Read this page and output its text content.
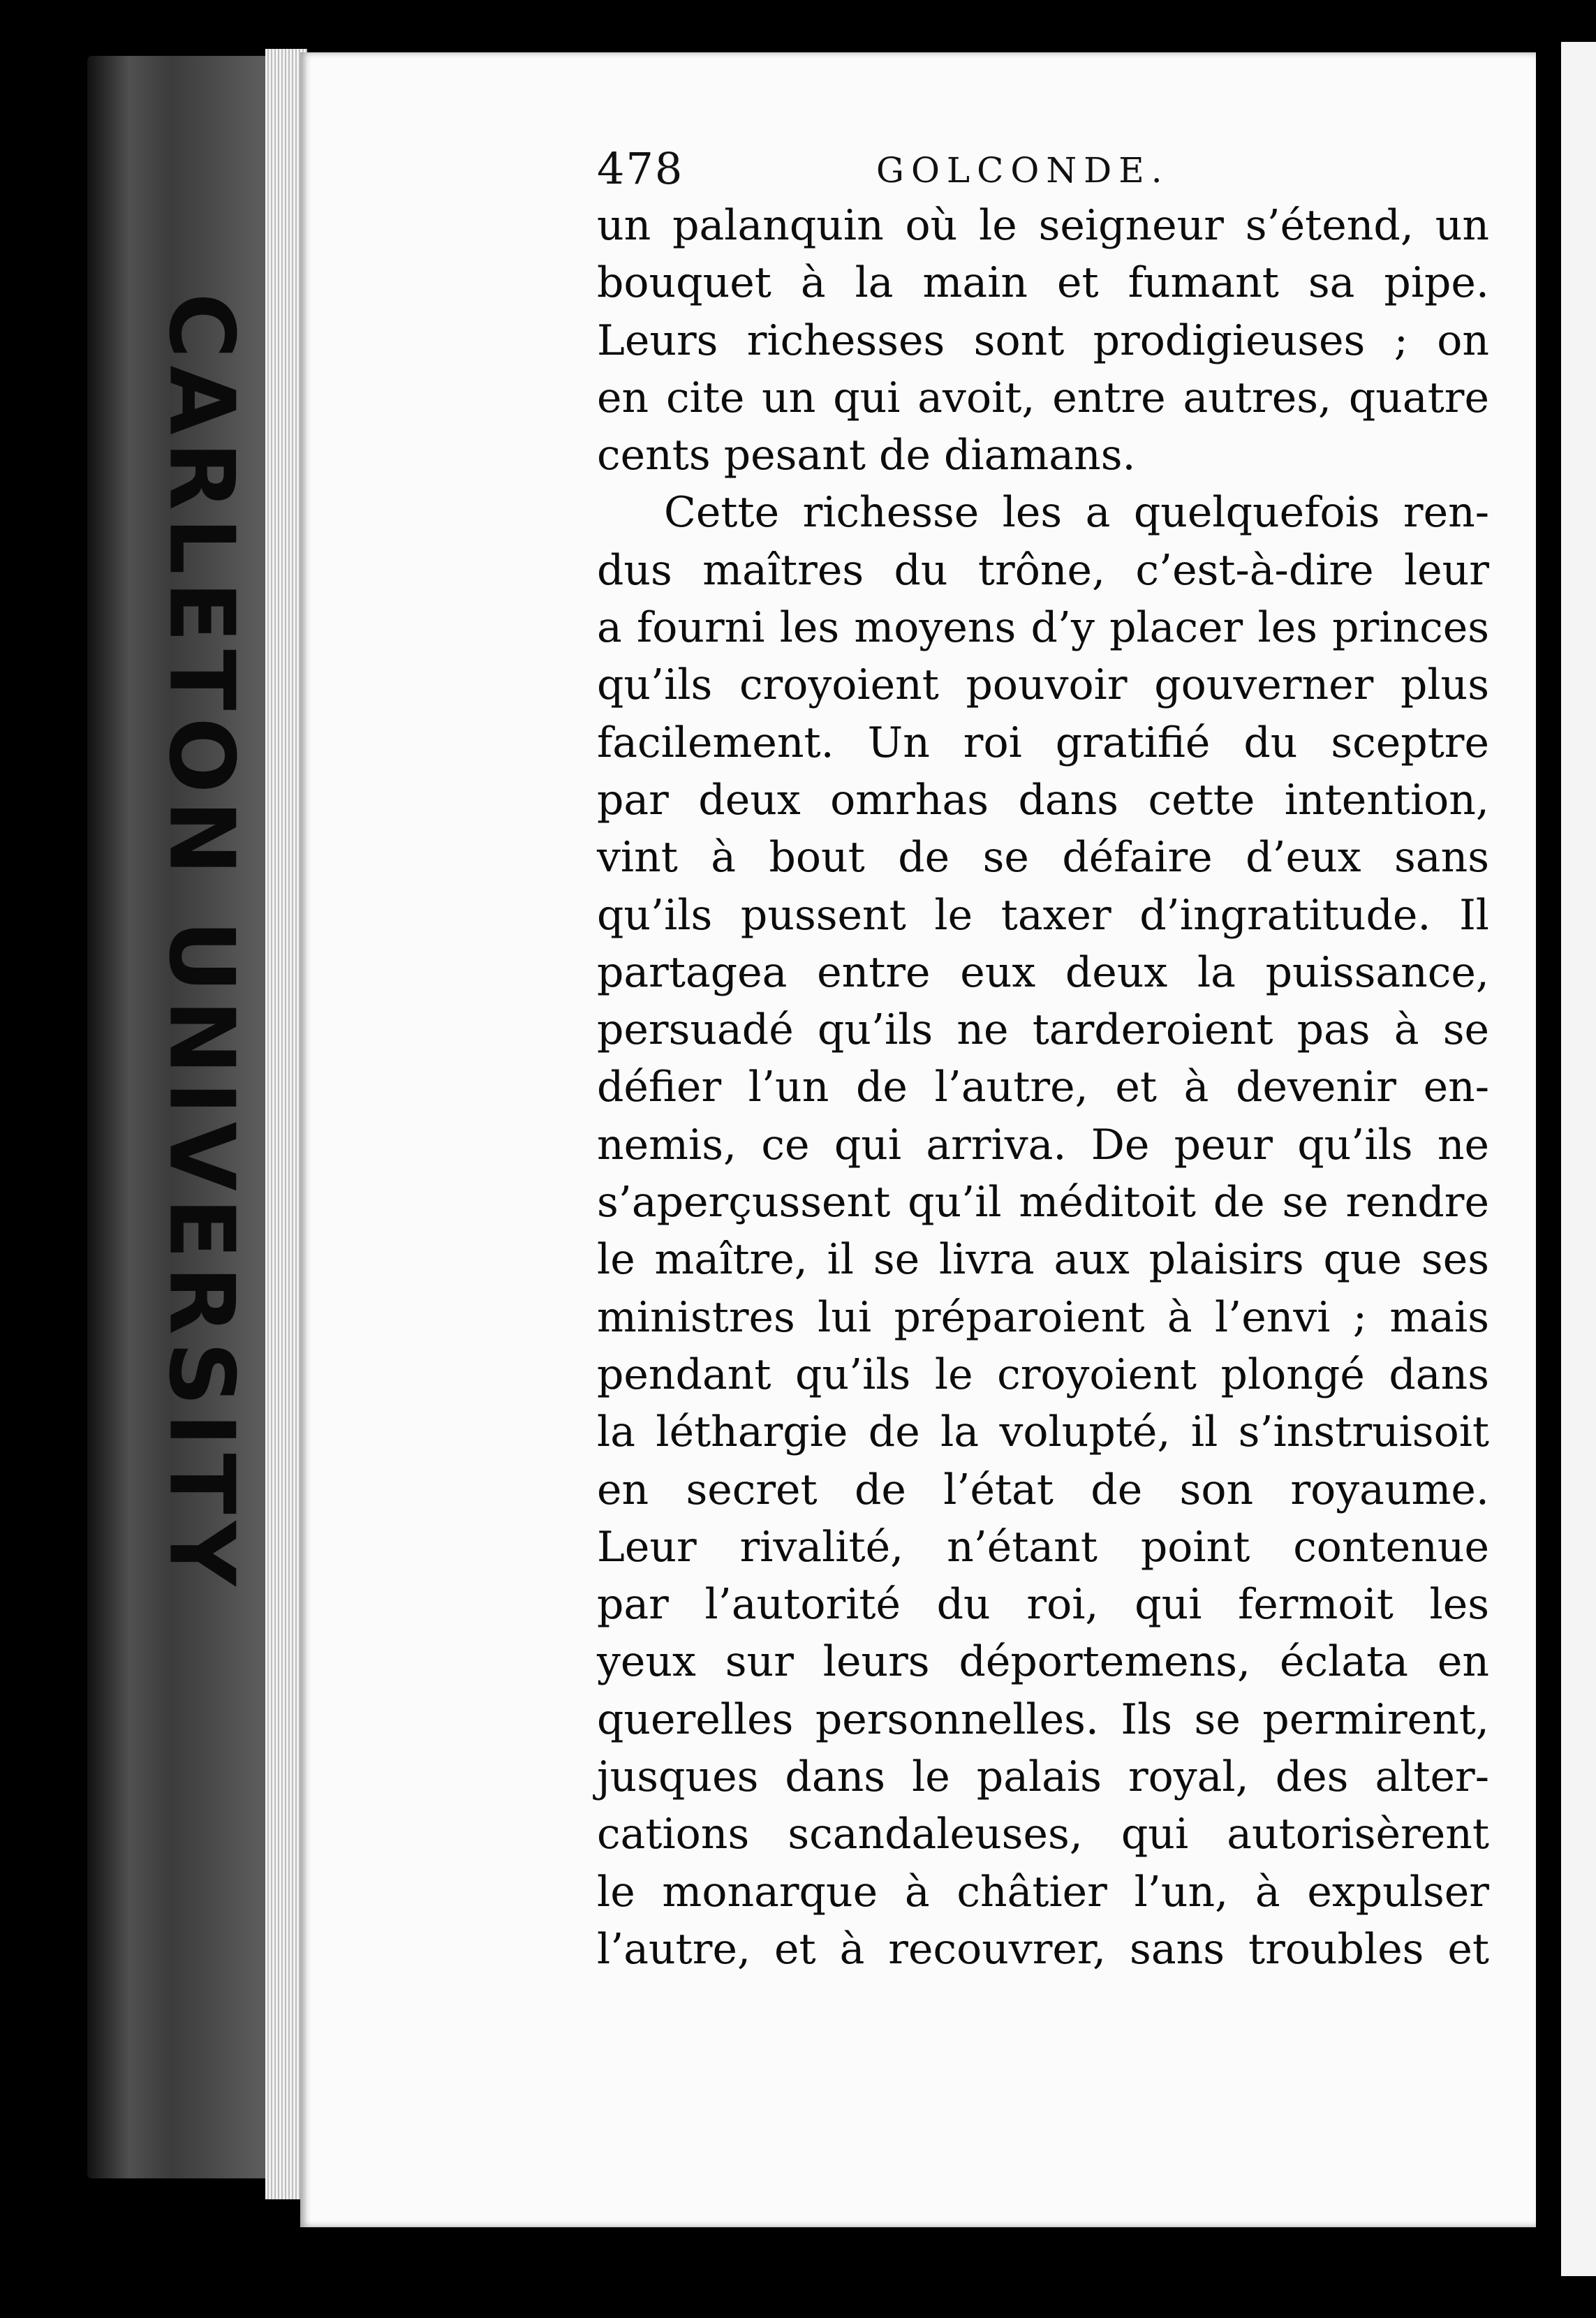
CARLETON UNIVERSITY
478	GOLCONDE.
un palanquin où le seigneur s’étend, un
bouquet à la main et fumant sa pipe.
Leurs richesses sont prodigieuses ; on
en cite un qui avoit, entre autres, quatre
cents pesant de diamans.
Cette richesse les a quelquefois ren-
dus maîtres du trône, c’est-à-dire leur
a fourni les moyens d’y placer les princes
qu’ils croyoient pouvoir gouverner plus
facilement. Un roi gratifié du sceptre
par deux omrhas dans cette intention,
vint à bout de se défaire d’eux sans
qu’ils pussent le taxer d’ingratitude. Il
partagea entre eux deux la puissance,
persuadé qu’ils ne tarderoient pas à se
défier l’un de l’autre, et à devenir en-
nemis, ce qui arriva. De peur qu’ils ne
s’aperçussent qu’il méditoit de se rendre
le maître, il se livra aux plaisirs que ses
ministres lui préparoient à l’envi ; mais
pendant qu’ils le croyoient plongé dans
la léthargie de la volupté, il s’instruisoit
en secret de l’état de son royaume.
Leur rivalité, n’étant point contenue
par l’autorité du roi, qui fermoit les
yeux sur leurs déportemens, éclata en
querelles personnelles. Ils se permirent,
jusques dans le palais royal, des alter-
cations scandaleuses, qui autorisèrent
le monarque à châtier l’un, à expulser
l’autre, et à recouvrer, sans troubles et
